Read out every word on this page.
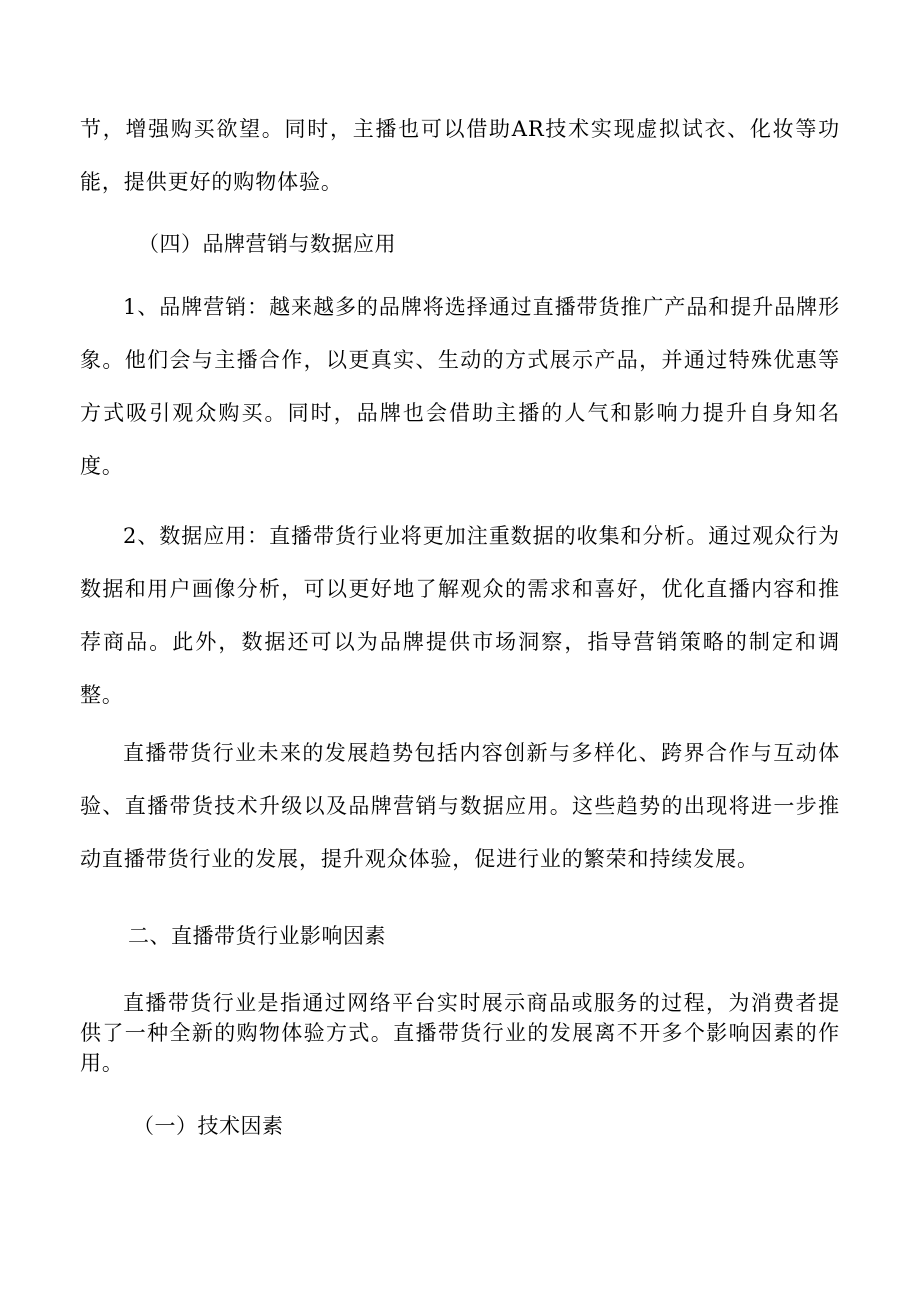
节，增强购买欲望。同时，主播也可以借助AR技术实现虚拟试衣、化妆等功能，提供更好的购物体验。

（四）品牌营销与数据应用

1、品牌营销：越来越多的品牌将选择通过直播带货推广产品和提升品牌形象。他们会与主播合作，以更真实、生动的方式展示产品，并通过特殊优惠等方式吸引观众购买。同时，品牌也会借助主播的人气和影响力提升自身知名度。

2、数据应用：直播带货行业将更加注重数据的收集和分析。通过观众行为数据和用户画像分析，可以更好地了解观众的需求和喜好，优化直播内容和推荐商品。此外，数据还可以为品牌提供市场洞察，指导营销策略的制定和调整。

直播带货行业未来的发展趋势包括内容创新与多样化、跨界合作与互动体验、直播带货技术升级以及品牌营销与数据应用。这些趋势的出现将进一步推动直播带货行业的发展，提升观众体验，促进行业的繁荣和持续发展。

二、直播带货行业影响因素

直播带货行业是指通过网络平台实时展示商品或服务的过程，为消费者提供了一种全新的购物体验方式。直播带货行业的发展离不开多个影响因素的作用。

（一）技术因素
